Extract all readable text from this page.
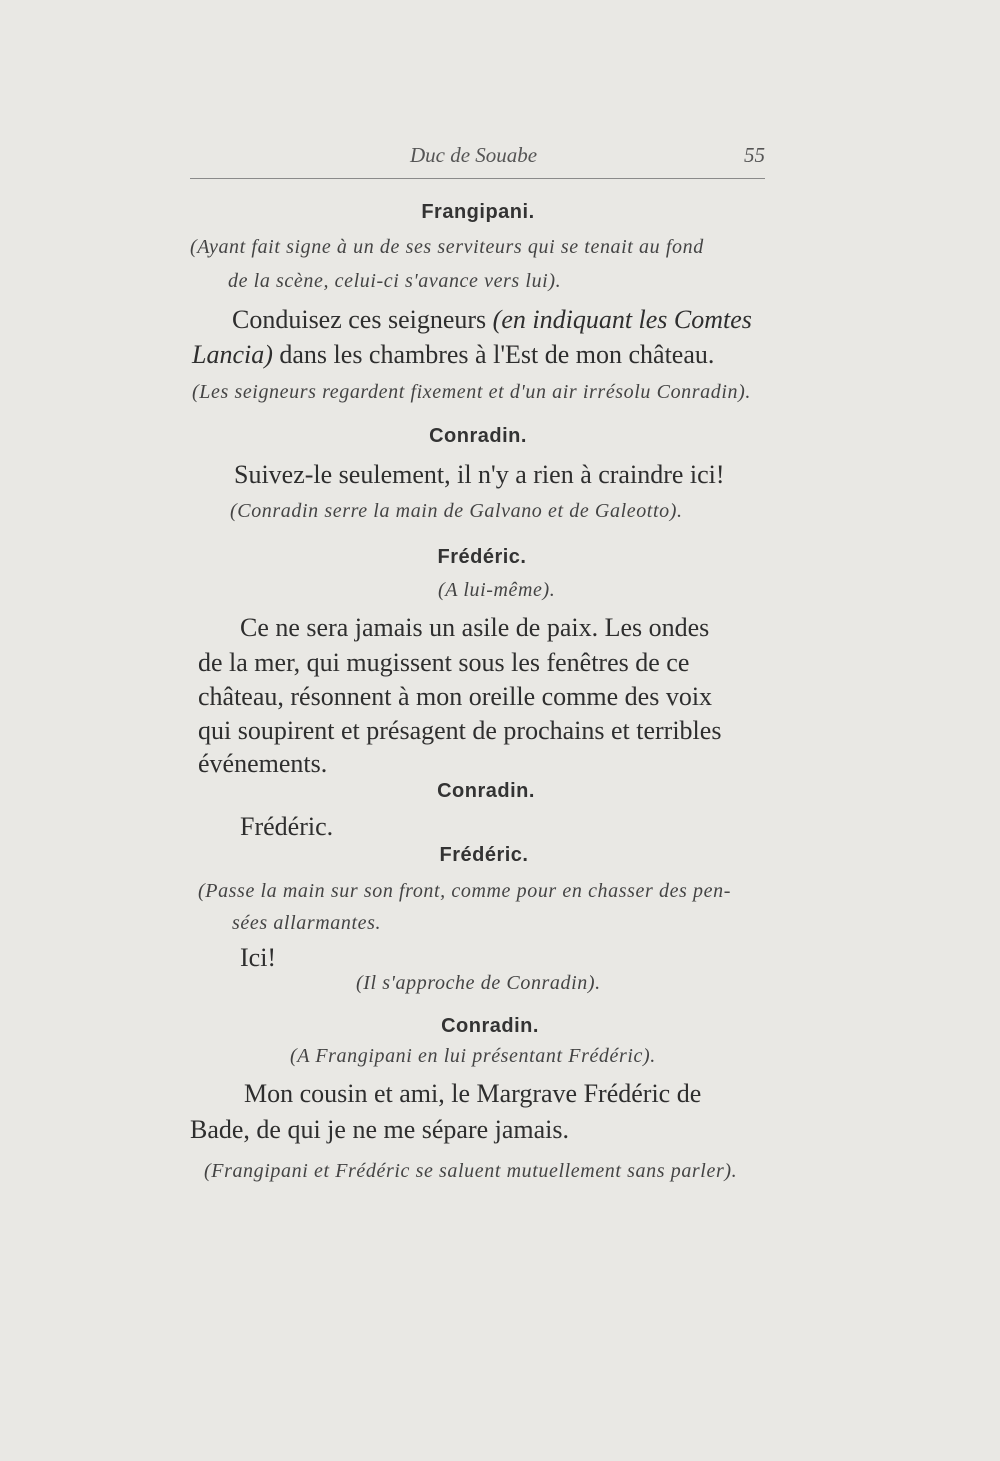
Duc de Souabe	55
Frangipani.
(Ayant fait signe à un de ses serviteurs qui se tenait au fond
de la scène, celui-ci s'avance vers lui).
Conduisez ces seigneurs (en indiquant les Comtes
Lancia) dans les chambres à l'Est de mon château.
(Les seigneurs regardent fixement et d'un air irrésolu Conradin).
Conradin.
Suivez-le seulement, il n'y a rien à craindre ici!
(Conradin serre la main de Galvano et de Galeotto).
Frédéric.
(A lui-même).
Ce ne sera jamais un asile de paix. Les ondes
de la mer, qui mugissent sous les fenêtres de ce
château, résonnent à mon oreille comme des voix
qui soupirent et présagent de prochains et terribles
événements.
Conradin.
Frédéric.
Frédéric.
(Passe la main sur son front, comme pour en chasser des pen-
sées allarmantes.
Ici!
(Il s'approche de Conradin).
Conradin.
(A Frangipani en lui présentant Frédéric).
Mon cousin et ami, le Margrave Frédéric de
Bade, de qui je ne me sépare jamais.
(Frangipani et Frédéric se saluent mutuellement sans parler).
